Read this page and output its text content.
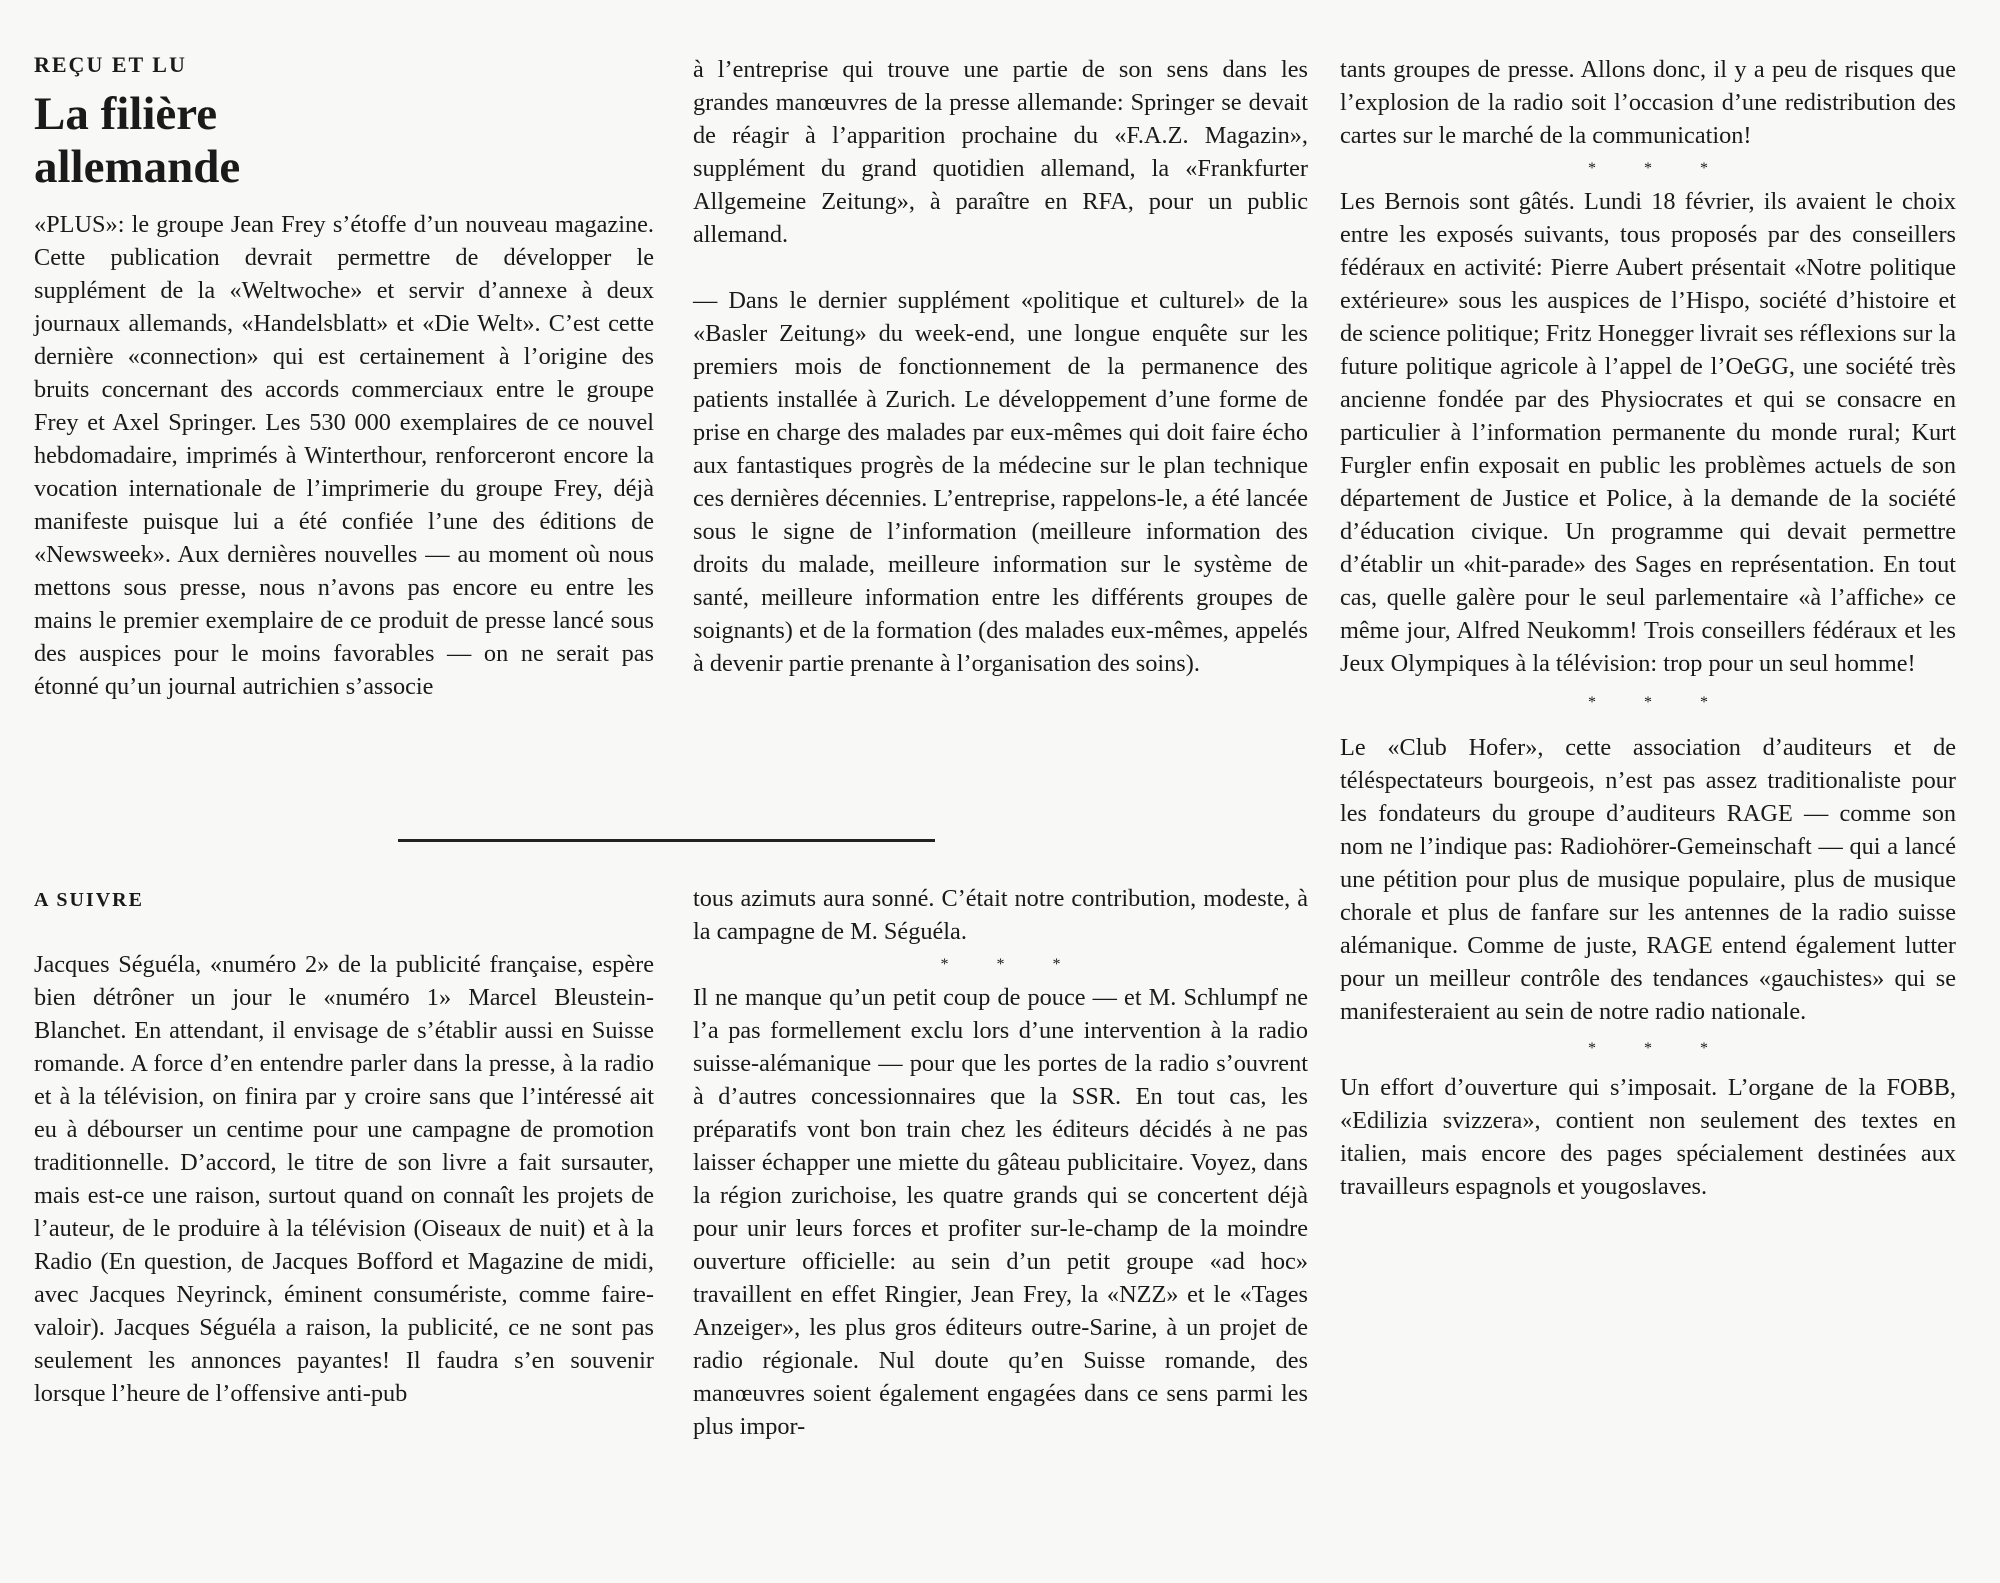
REÇU ET LU
La filière
allemande

«PLUS»: le groupe Jean Frey s’étoffe d’un nouveau magazine. Cette publication devrait permettre de développer le supplément de la «Weltwoche» et servir d’annexe à deux journaux allemands, «Handelsblatt» et «Die Welt». C’est cette dernière «connection» qui est certainement à l’origine des bruits concernant des accords commerciaux entre le groupe Frey et Axel Springer. Les 530 000 exemplaires de ce nouvel hebdomadaire, imprimés à Winterthour, renforceront encore la vocation internationale de l’imprimerie du groupe Frey, déjà manifeste puisque lui a été confiée l’une des éditions de «Newsweek». Aux dernières nouvelles — au moment où nous mettons sous presse, nous n’avons pas encore eu entre les mains le premier exemplaire de ce produit de presse lancé sous des auspices pour le moins favorables — on ne serait pas étonné qu’un journal autrichien s’associe

à l’entreprise qui trouve une partie de son sens dans les grandes manœuvres de la presse allemande: Springer se devait de réagir à l’apparition prochaine du «F.A.Z. Magazin», supplément du grand quotidien allemand, la «Frankfurter Allgemeine Zeitung», à paraître en RFA, pour un public allemand.

— Dans le dernier supplément «politique et culturel» de la «Basler Zeitung» du week-end, une longue enquête sur les premiers mois de fonctionnement de la permanence des patients installée à Zurich. Le développement d’une forme de prise en charge des malades par eux-mêmes qui doit faire écho aux fantastiques progrès de la médecine sur le plan technique ces dernières décennies. L’entreprise, rappelons-le, a été lancée sous le signe de l’information (meilleure information des droits du malade, meilleure information sur le système de santé, meilleure information entre les différents groupes de soignants) et de la formation (des malades eux-mêmes, appelés à devenir partie prenante à l’organisation des soins).

A SUIVRE

Jacques Séguéla, «numéro 2» de la publicité française, espère bien détrôner un jour le «numéro 1» Marcel Bleustein-Blanchet. En attendant, il envisage de s’établir aussi en Suisse romande. A force d’en entendre parler dans la presse, à la radio et à la télévision, on finira par y croire sans que l’intéressé ait eu à débourser un centime pour une campagne de promotion traditionnelle. D’accord, le titre de son livre a fait sursauter, mais est-ce une raison, surtout quand on connaît les projets de l’auteur, de le produire à la télévision (Oiseaux de nuit) et à la Radio (En question, de Jacques Bofford et Magazine de midi, avec Jacques Neyrinck, éminent consumériste, comme faire-valoir). Jacques Séguéla a raison, la publicité, ce ne sont pas seulement les annonces payantes! Il faudra s’en souvenir lorsque l’heure de l’offensive anti-pub

tous azimuts aura sonné. C’était notre contribution, modeste, à la campagne de M. Séguéla.

* * *

Il ne manque qu’un petit coup de pouce — et M. Schlumpf ne l’a pas formellement exclu lors d’une intervention à la radio suisse-alémanique — pour que les portes de la radio s’ouvrent à d’autres concessionnaires que la SSR. En tout cas, les préparatifs vont bon train chez les éditeurs décidés à ne pas laisser échapper une miette du gâteau publicitaire. Voyez, dans la région zurichoise, les quatre grands qui se concertent déjà pour unir leurs forces et profiter sur-le-champ de la moindre ouverture officielle: au sein d’un petit groupe «ad hoc» travaillent en effet Ringier, Jean Frey, la «NZZ» et le «Tages Anzeiger», les plus gros éditeurs outre-Sarine, à un projet de radio régionale. Nul doute qu’en Suisse romande, des manœuvres soient également engagées dans ce sens parmi les plus impor-

tants groupes de presse. Allons donc, il y a peu de risques que l’explosion de la radio soit l’occasion d’une redistribution des cartes sur le marché de la communication!

* * *

Les Bernois sont gâtés. Lundi 18 février, ils avaient le choix entre les exposés suivants, tous proposés par des conseillers fédéraux en activité: Pierre Aubert présentait «Notre politique extérieure» sous les auspices de l’Hispo, société d’histoire et de science politique; Fritz Honegger livrait ses réflexions sur la future politique agricole à l’appel de l’OeGG, une société très ancienne fondée par des Physiocrates et qui se consacre en particulier à l’information permanente du monde rural; Kurt Furgler enfin exposait en public les problèmes actuels de son département de Justice et Police, à la demande de la société d’éducation civique. Un programme qui devait permettre d’établir un «hit-parade» des Sages en représentation. En tout cas, quelle galère pour le seul parlementaire «à l’affiche» ce même jour, Alfred Neukomm! Trois conseillers fédéraux et les Jeux Olympiques à la télévision: trop pour un seul homme!

* * *

Le «Club Hofer», cette association d’auditeurs et de téléspectateurs bourgeois, n’est pas assez traditionaliste pour les fondateurs du groupe d’auditeurs RAGE — comme son nom ne l’indique pas: Radiohörer-Gemeinschaft — qui a lancé une pétition pour plus de musique populaire, plus de musique chorale et plus de fanfare sur les antennes de la radio suisse alémanique. Comme de juste, RAGE entend également lutter pour un meilleur contrôle des tendances «gauchistes» qui se manifesteraient au sein de notre radio nationale.

* * *

Un effort d’ouverture qui s’imposait. L’organe de la FOBB, «Edilizia svizzera», contient non seulement des textes en italien, mais encore des pages spécialement destinées aux travailleurs espagnols et yougoslaves.
